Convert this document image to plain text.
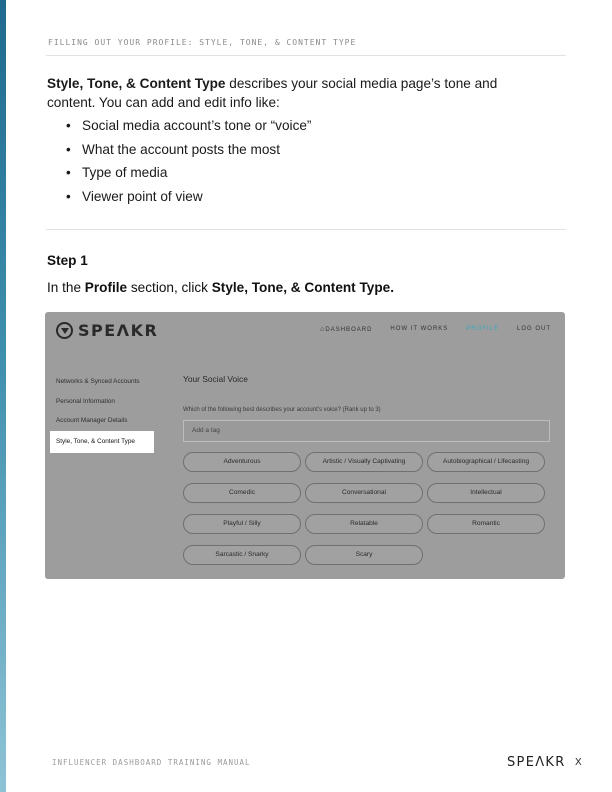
FILLING OUT YOUR PROFILE: STYLE, TONE, & CONTENT TYPE

Style, Tone, & Content Type describes your social media page’s tone and content. You can add and edit info like:

• Social media account’s tone or “voice”
• What the account posts the most
• Type of media
• Viewer point of view
Step 1

In the Profile section, click Style, Tone, & Content Type.

SPEΛKR
⌂	DASHBOARD	HOW IT WORKS	PROFILE	LOG OUT
Networks & Synced Accounts
Personal Information
Account Manager Details
Style, Tone, & Content Type
Your Social Voice
Which of the following best describes your account’s voice? (Rank up to 3)
Add a tag
Adventurous	Artistic / Visually Captivating	Autobiographical / Lifecasting
Comedic	Conversational	Intellectual
Playful / Silly	Relatable	Romantic
Sarcastic / Snarky	Scary
INFLUENCER DASHBOARD TRAINING MANUAL	SPEΛKR X
